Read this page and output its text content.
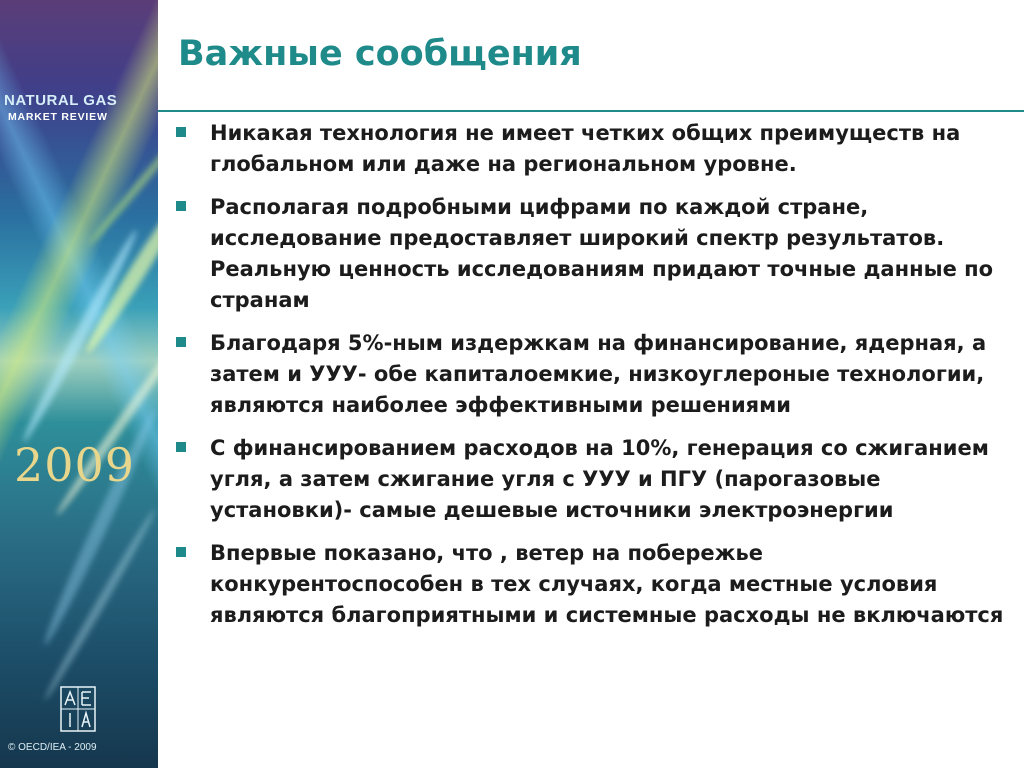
NATURAL GAS
MARKET REVIEW
2009
© OECD/IEA - 2009
Важные сообщения
Никакая технология не имеет четких общих преимуществ на глобальном или даже на региональном уровне.
Располагая подробными цифрами по каждой стране, исследование предоставляет широкий спектр результатов. Реальную ценность исследованиям придают точные данные по странам
Благодаря 5%-ным издержкам на финансирование, ядерная, а затем и УУУ- обе капиталоемкие, низкоуглероные технологии, являются наиболее эффективными решениями
С финансированием расходов на 10%, генерация со сжиганием угля, а затем сжигание угля с УУУ и ПГУ (парогазовые установки)- самые дешевые источники электроэнергии
Впервые показано, что , ветер на побережье конкурентоспособен в тех случаях, когда местные условия являются благоприятными и системные расходы не включаются
